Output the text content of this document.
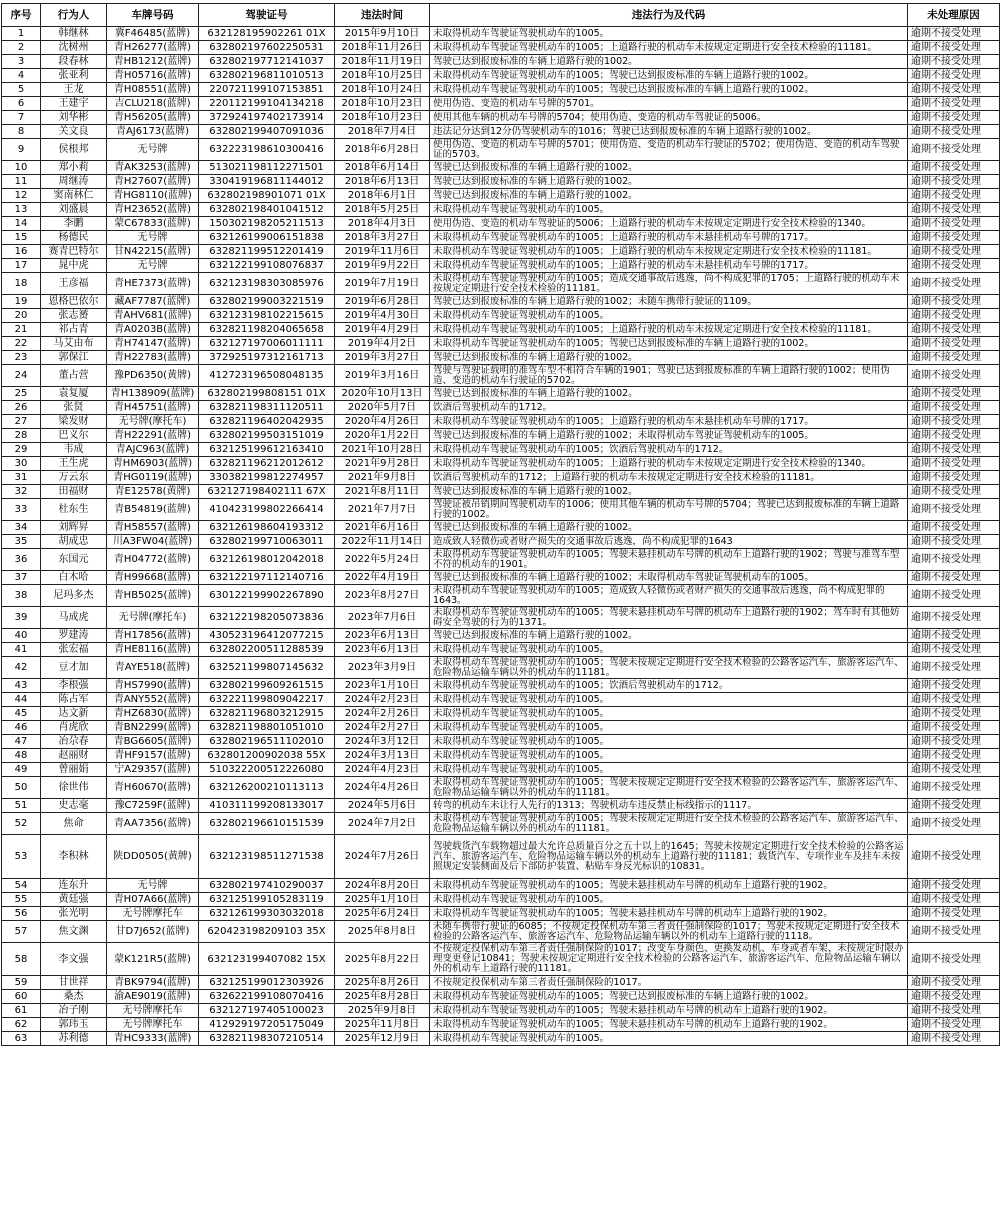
序号	行为人	车牌号码	驾驶证号	违法时间	违法行为及代码	未处理原因
1	韩继林	冀F46485(蓝牌)	632128195902261 01X	2015年9月10日	未取得机动车驾驶证驾驶机动车的1005。	逾期不接受处理
2	沈树州	青H26277(蓝牌)	632802197602250531	2018年11月26日	未取得机动车驾驶证驾驶机动车的1005；上道路行驶的机动车未按规定定期进行安全技术检验的11181。	逾期不接受处理
3	段春林	青HB1212(蓝牌)	632802197712141037	2018年11月19日	驾驶已达到报废标准的车辆上道路行驶的1002。	逾期不接受处理
4	张亚利	青H05716(蓝牌)	632802196811010513	2018年10月25日	未取得机动车驾驶证驾驶机动车的1005；驾驶已达到报废标准的车辆上道路行驶的1002。	逾期不接受处理
5	王龙	青H08551(蓝牌)	220721199107153851	2018年10月24日	未取得机动车驾驶证驾驶机动车的1005；驾驶已达到报废标准的车辆上道路行驶的1002。	逾期不接受处理
6	王建宇	吉CLU218(蓝牌)	220112199104134218	2018年10月23日	使用伪造、变造的机动车号牌的5701。	逾期不接受处理
7	刘华彬	青H56205(蓝牌)	372924197402173914	2018年10月23日	使用其他车辆的机动车号牌的5704；使用伪造、变造的机动车驾驶证的5006。	逾期不接受处理
8	关文良	青AJ6173(蓝牌)	632802199407091036	2018年7月4日	违法记分达到12分仍驾驶机动车的1016；驾驶已达到报废标准的车辆上道路行驶的1002。	逾期不接受处理
9	侯根邦	无号牌	632223198610300416	2018年6月28日	使用伪造、变造的机动车号牌的5701；使用伪造、变造的机动车行驶证的5702；使用伪造、变造的机动车驾驶证的5703。	逾期不接受处理
10	郑小莉	青AK3253(蓝牌)	513021198112271501	2018年6月14日	驾驶已达到报废标准的车辆上道路行驶的1002。	逾期不接受处理
11	周继涛	青H27607(蓝牌)	330419196811144012	2018年6月13日	驾驶已达到报废标准的车辆上道路行驶的1002。	逾期不接受处理
12	窦南林仁	青HG8110(蓝牌)	632802198901071 01X	2018年6月1日	驾驶已达到报废标准的车辆上道路行驶的1002。	逾期不接受处理
13	刘盛晨	青H23652(蓝牌)	632802198401041512	2018年5月25日	未取得机动车驾驶证驾驶机动车的1005。	逾期不接受处理
14	李鹏	蒙C67833(蓝牌)	150302198205211513	2018年4月3日	使用伪造、变造的机动车驾驶证的5006；上道路行驶的机动车未按规定定期进行安全技术检验的1340。	逾期不接受处理
15	杨德民	无号牌	632126199006151838	2018年3月27日	未取得机动车驾驶证驾驶机动车的1005；上道路行驶的机动车未悬挂机动车号牌的1717。	逾期不接受处理
16	赛青巴特尔	甘N42215(蓝牌)	632821199512201419	2019年11月6日	未取得机动车驾驶证驾驶机动车的1005；上道路行驶的机动车未按规定定期进行安全技术检验的11181。	逾期不接受处理
17	晁中虎	无号牌	632122199108076837	2019年9月22日	未取得机动车驾驶证驾驶机动车的1005；上道路行驶的机动车未悬挂机动车号牌的1717。	逾期不接受处理
18	王彦福	青HE7373(蓝牌)	632123198303085976	2019年7月19日	未取得机动车驾驶证驾驶机动车的1005；造成交通事故后逃逸，尚不构成犯罪的1705；上道路行驶的机动车未按规定定期进行安全技术检验的11181。	逾期不接受处理
19	恩格巴依尔	藏AF7787(蓝牌)	632802199003221519	2019年6月28日	驾驶已达到报废标准的车辆上道路行驶的1002；未随车携带行驶证的1109。	逾期不接受处理
20	张志赟	青AHV681(蓝牌)	632123198102215615	2019年4月30日	未取得机动车驾驶证驾驶机动车的1005。	逾期不接受处理
21	祁占青	青A0203B(蓝牌)	632821198204065658	2019年4月29日	未取得机动车驾驶证驾驶机动车的1005；上道路行驶的机动车未按规定定期进行安全技术检验的11181。	逾期不接受处理
22	马艾由布	青H74147(蓝牌)	632127197006011111	2019年4月2日	未取得机动车驾驶证驾驶机动车的1005；驾驶已达到报废标准的车辆上道路行驶的1002。	逾期不接受处理
23	郭保江	青H22783(蓝牌)	372925197312161713	2019年3月27日	驾驶已达到报废标准的车辆上道路行驶的1002。	逾期不接受处理
24	董占营	豫PD6350(黄牌)	412723196508048135	2019年3月16日	驾驶与驾驶证载明的准驾车型不相符合车辆的1901；驾驶已达到报废标准的车辆上道路行驶的1002；使用伪造、变造的机动车行驶证的5702。	逾期不接受处理
25	袁复厦	青H138909(蓝牌)	632802199808151 01X	2020年10月13日	驾驶已达到报废标准的车辆上道路行驶的1002。	逾期不接受处理
26	张贤	青H45751(蓝牌)	632821198311120511	2020年5月7日	饮酒后驾驶机动车的1712。	逾期不接受处理
27	梁发财	无号牌(摩托车)	632821196402042935	2020年4月26日	未取得机动车驾驶证驾驶机动车的1005；上道路行驶的机动车未悬挂机动车号牌的1717。	逾期不接受处理
28	巴义尔	青H22291(蓝牌)	632802199503151019	2020年1月22日	驾驶已达到报废标准的车辆上道路行驶的1002；未取得机动车驾驶证驾驶机动车的1005。	逾期不接受处理
29	韦成	青AJC963(蓝牌)	632125199612163410	2021年10月28日	未取得机动车驾驶证驾驶机动车的1005；饮酒后驾驶机动车的1712。	逾期不接受处理
30	王生虎	青HM6903(蓝牌)	632821196212012612	2021年9月28日	未取得机动车驾驶证驾驶机动车的1005；上道路行驶的机动车未按规定定期进行安全技术检验的1340。	逾期不接受处理
31	万云东	青HG0119(蓝牌)	330382199812274957	2021年9月8日	饮酒后驾驶机动车的1712；上道路行驶的机动车未按规定定期进行安全技术检验的11181。	逾期不接受处理
32	田福财	青E12578(黄牌)	632127198402111 67X	2021年8月11日	驾驶已达到报废标准的车辆上道路行驶的1002。	逾期不接受处理
33	杜东生	青B54819(蓝牌)	410423199802266414	2021年7月7日	驾驶证被吊销期间驾驶机动车的1006；使用其他车辆的机动车号牌的5704；驾驶已达到报废标准的车辆上道路行驶的1002。	逾期不接受处理
34	刘辉昇	青H58557(蓝牌)	632126198604193312	2021年6月16日	驾驶已达到报废标准的车辆上道路行驶的1002。	逾期不接受处理
35	胡成忠	川A3FW04(蓝牌)	632802199710063011	2022年11月14日	造成致人轻微伤或者财产损失的交通事故后逃逸，尚不构成犯罪的1643	逾期不接受处理
36	东国元	青H04772(蓝牌)	632126198012042018	2022年5月24日	未取得机动车驾驶证驾驶机动车的1005；驾驶未悬挂机动车号牌的机动车上道路行驶的1902；驾驶与准驾车型不符的机动车的1901。	逾期不接受处理
37	白木哈	青H99668(蓝牌)	632122197112140716	2022年4月19日	驾驶已达到报废标准的车辆上道路行驶的1002；未取得机动车驾驶证驾驶机动车的1005。	逾期不接受处理
38	尼玛多杰	青HB5025(蓝牌)	630122199902267890	2023年8月27日	未取得机动车驾驶证驾驶机动车的1005；造成致人轻微伤或者财产损失的交通事故后逃逸，尚不构成犯罪的1643。	逾期不接受处理
39	马成虎	无号牌(摩托车)	632122198205073836	2023年7月6日	未取得机动车驾驶证驾驶机动车的1005；驾驶未悬挂机动车号牌的机动车上道路行驶的1902；驾车时有其他妨碍安全驾驶的行为的1371。	逾期不接受处理
40	罗建涛	青H17856(蓝牌)	430523196412077215	2023年6月13日	驾驶已达到报废标准的车辆上道路行驶的1002。	逾期不接受处理
41	张宏福	青HE8116(蓝牌)	632802200511288539	2023年6月13日	未取得机动车驾驶证驾驶机动车的1005。	逾期不接受处理
42	豆才加	青AYE518(蓝牌)	632521199807145632	2023年3月9日	未取得机动车驾驶证驾驶机动车的1005；驾驶未按规定定期进行安全技术检验的公路客运汽车、旅游客运汽车、危险物品运输车辆以外的机动车的11181。	逾期不接受处理
43	李根强	青HS7990(蓝牌)	632802199609261515	2023年1月10日	未取得机动车驾驶证驾驶机动车的1005；饮酒后驾驶机动车的1712。	逾期不接受处理
44	陈占军	青ANY552(蓝牌)	632221199809042217	2024年2月23日	未取得机动车驾驶证驾驶机动车的1005。	逾期不接受处理
45	达文新	青HZ6830(蓝牌)	632821196803212915	2024年2月26日	未取得机动车驾驶证驾驶机动车的1005。	逾期不接受处理
46	肖虎欣	青BN2299(蓝牌)	632821198801051010	2024年2月27日	未取得机动车驾驶证驾驶机动车的1005。	逾期不接受处理
47	冶尕春	青BG6605(蓝牌)	632802196511102010	2024年3月12日	未取得机动车驾驶证驾驶机动车的1005。	逾期不接受处理
48	赵丽财	青HF9157(蓝牌)	632801200902038 55X	2024年3月13日	未取得机动车驾驶证驾驶机动车的1005。	逾期不接受处理
49	曾丽娟	宁A29357(蓝牌)	510322200512226080	2024年4月23日	未取得机动车驾驶证驾驶机动车的1005。	逾期不接受处理
50	徐世伟	青H60670(蓝牌)	632126200210113113	2024年4月26日	未取得机动车驾驶证驾驶机动车的1005；驾驶未按规定定期进行安全技术检验的公路客运汽车、旅游客运汽车、危险物品运输车辆以外的机动车的11181。	逾期不接受处理
51	史志毫	豫C7259F(蓝牌)	410311199208133017	2024年5月6日	转弯的机动车未让行人先行的1313；驾驶机动车违反禁止标线指示的1117。	逾期不接受处理
52	焦命	青AA7356(蓝牌)	632802196610151539	2024年7月2日	未取得机动车驾驶证驾驶机动车的1005；驾驶未按规定定期进行安全技术检验的公路客运汽车、旅游客运汽车、危险物品运输车辆以外的机动车的11181。	逾期不接受处理
53	李积林	陕DD0505(黄牌)	632123198511271538	2024年7月26日	驾驶载货汽车载物超过最大允许总质量百分之五十以上的1645；驾驶未按规定定期进行安全技术检验的公路客运汽车、旅游客运汽车、危险物品运输车辆以外的机动车上道路行驶的11181；载货汽车、专项作业车及挂车未按照规定安装侧面及后下部防护装置、粘贴车身反光标识的10831。	逾期不接受处理
54	连东升	无号牌	632802197410290037	2024年8月20日	未取得机动车驾驶证驾驶机动车的1005；驾驶未悬挂机动车号牌的机动车上道路行驶的1902。	逾期不接受处理
55	黄廷强	青H07A66(蓝牌)	632125199105283119	2025年1月10日	未取得机动车驾驶证驾驶机动车的1005。	逾期不接受处理
56	张光明	无号牌摩托车	632126199303032018	2025年6月24日	未取得机动车驾驶证驾驶机动车的1005；驾驶未悬挂机动车号牌的机动车上道路行驶的1902。	逾期不接受处理
57	焦文渊	甘D7J652(蓝牌)	620423198209103 35X	2025年8月8日	未随车携带行驶证的6085；不按规定投保机动车第三者责任强制保险的1017；驾驶未按规定定期进行安全技术检验的公路客运汽车、旅游客运汽车、危险物品运输车辆以外的机动车上道路行驶的1118。	逾期不接受处理
58	李文强	蒙K121R5(蓝牌)	632123199407082 15X	2025年8月22日	不按规定投保机动车第三者责任强制保险的1017；改变车身颜色、更换发动机、车身或者车架、未按规定时限办理变更登记10841；驾驶未按规定定期进行安全技术检验的公路客运汽车、旅游客运汽车、危险物品运输车辆以外的机动车上道路行驶的11181。	逾期不接受处理
59	甘世祥	青BK9794(蓝牌)	632125199012303926	2025年8月26日	不按规定投保机动车第三者责任强制保险的1017。	逾期不接受处理
60	桑杰	渝AE9019(蓝牌)	632622199108070416	2025年8月28日	未取得机动车驾驶证驾驶机动车的1005；驾驶已达到报废标准的车辆上道路行驶的1002。	逾期不接受处理
61	冶子刚	无号牌摩托车	632127197405100023	2025年9月8日	未取得机动车驾驶证驾驶机动车的1005；驾驶未悬挂机动车号牌的机动车上道路行驶的1902。	逾期不接受处理
62	郭玮玉	无号牌摩托车	412929197205175049	2025年11月8日	未取得机动车驾驶证驾驶机动车的1005；驾驶未悬挂机动车号牌的机动车上道路行驶的1902。	逾期不接受处理
63	苏利德	青HC9333(蓝牌)	632821198307210514	2025年12月9日	未取得机动车驾驶证驾驶机动车的1005。	逾期不接受处理
